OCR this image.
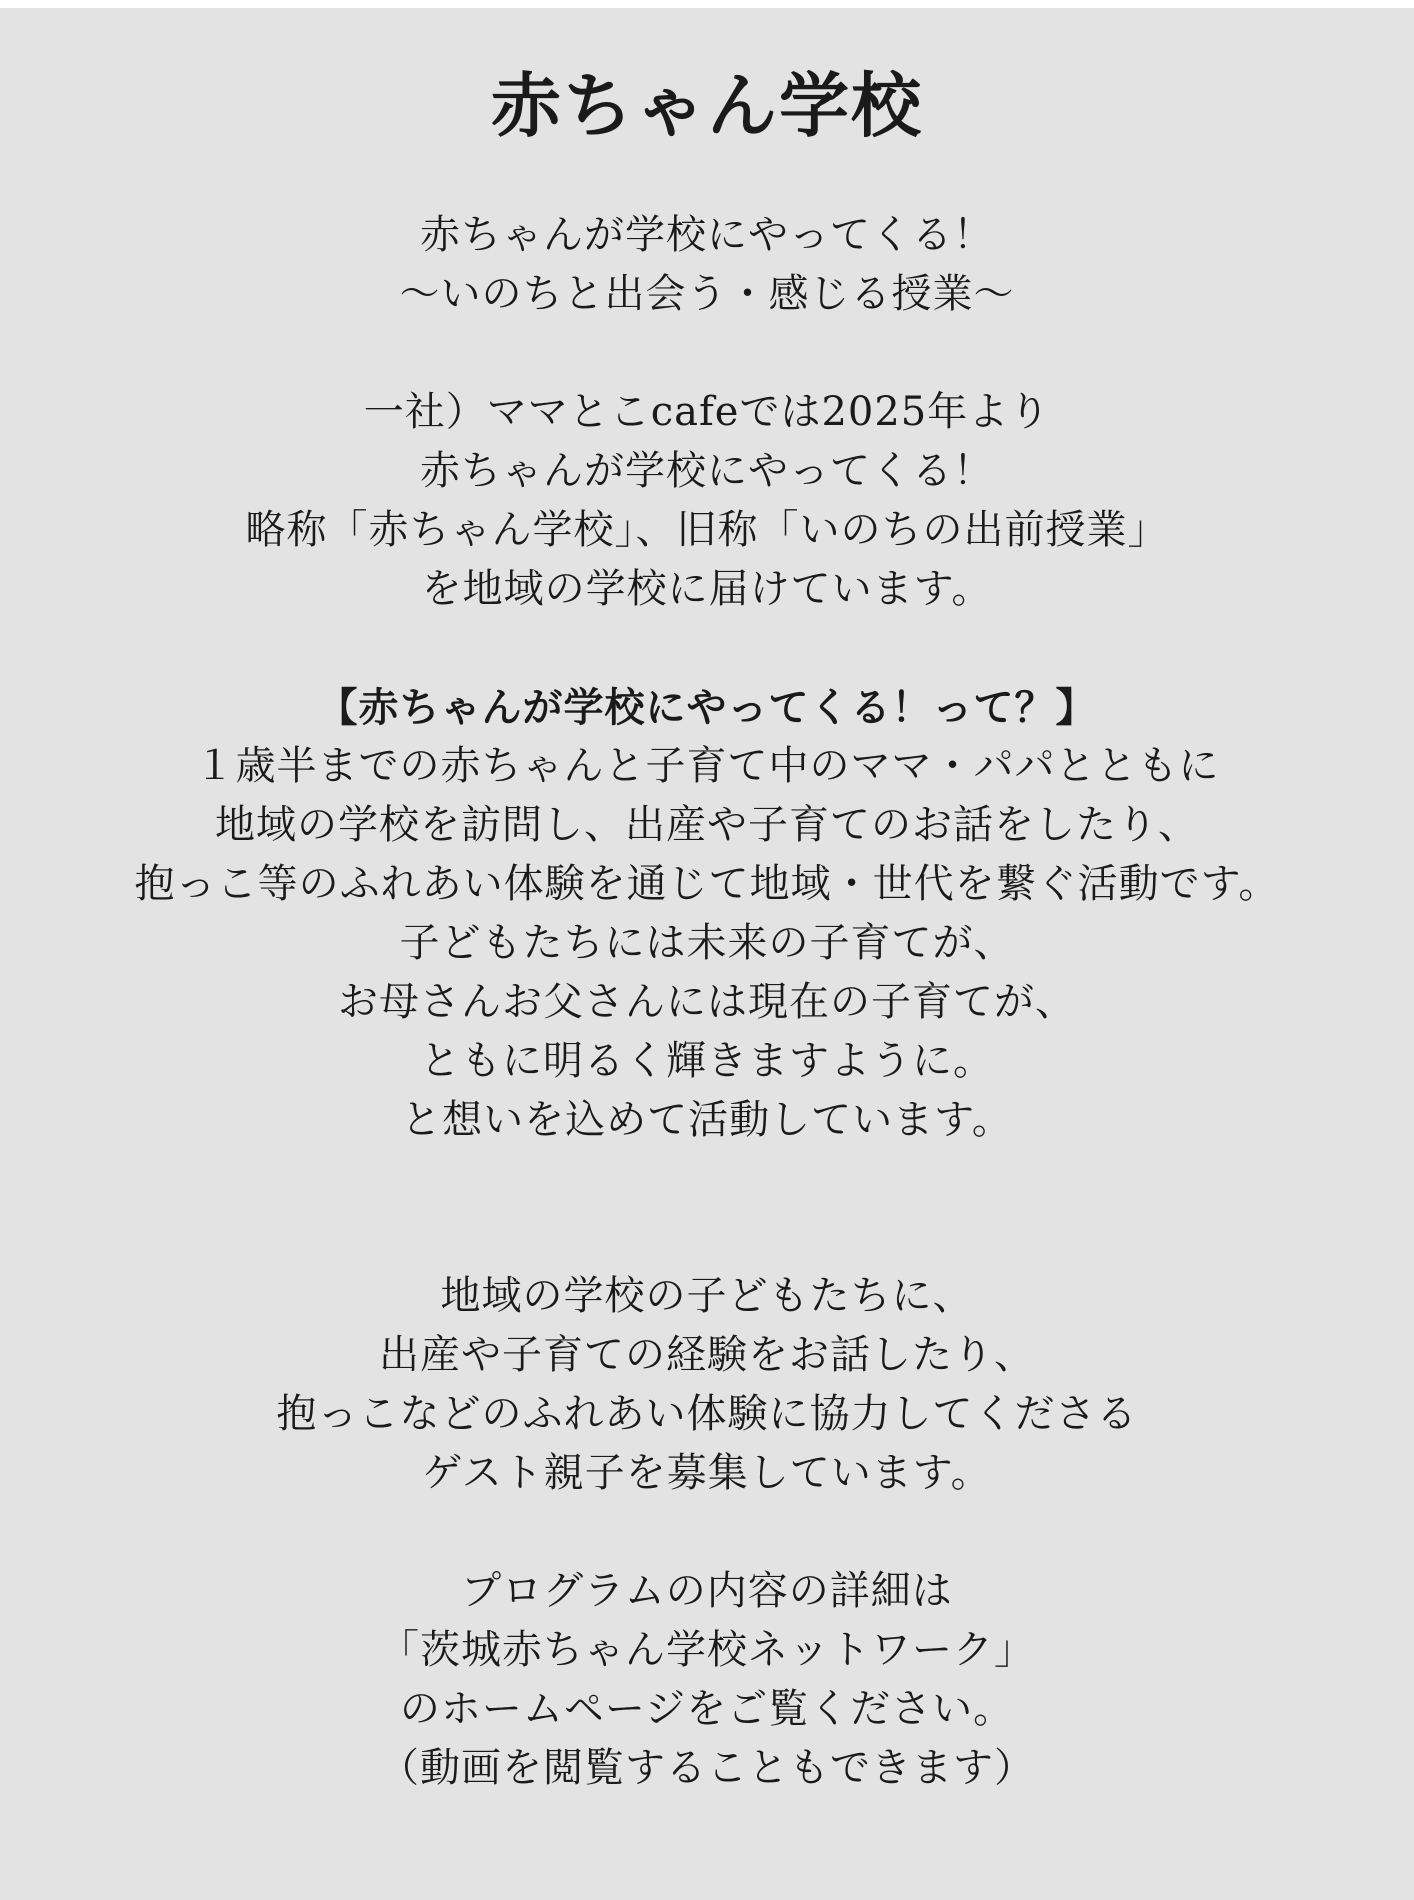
赤ちゃん学校
赤ちゃんが学校にやってくる！
〜いのちと出会う・感じる授業〜
一社）ママとこcafeでは2025年より
赤ちゃんが学校にやってくる！
略称「赤ちゃん学校」、旧称「いのちの出前授業」
を地域の学校に届けています。
【赤ちゃんが学校にやってくる！って？】
１歳半までの赤ちゃんと子育て中のママ・パパとともに
地域の学校を訪問し、出産や子育てのお話をしたり、
抱っこ等のふれあい体験を通じて地域・世代を繋ぐ活動です。
子どもたちには未来の子育てが、
お母さんお父さんには現在の子育てが、
ともに明るく輝きますように。
と想いを込めて活動しています。
地域の学校の子どもたちに、
出産や子育ての経験をお話したり、
抱っこなどのふれあい体験に協力してくださる
ゲスト親子を募集しています。
プログラムの内容の詳細は
「茨城赤ちゃん学校ネットワーク」
のホームページをご覧ください。
（動画を閲覧することもできます）
